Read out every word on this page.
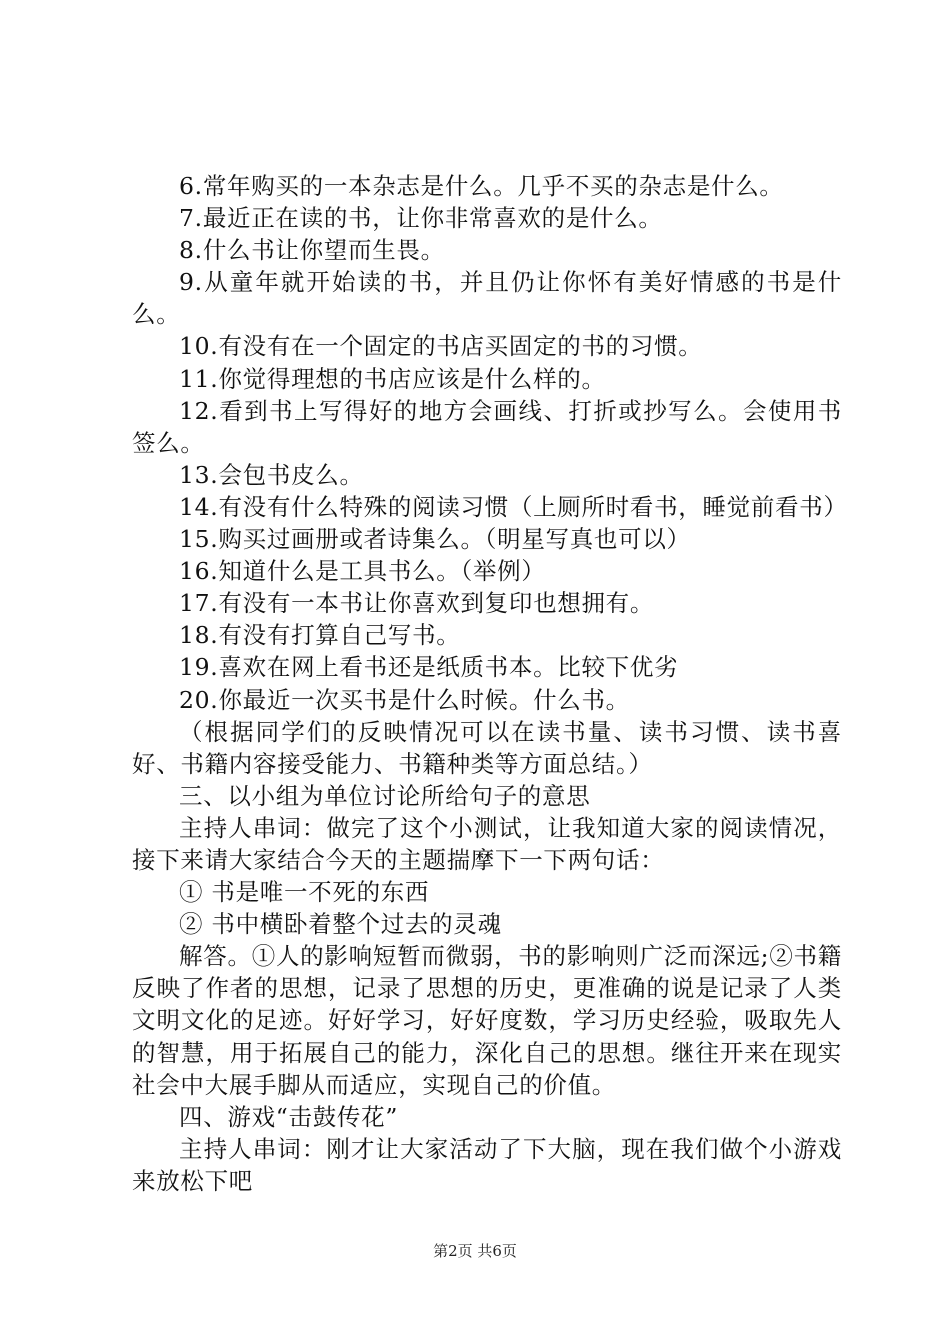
6.常年购买的一本杂志是什么。几乎不买的杂志是什么。

7.最近正在读的书，让你非常喜欢的是什么。

8.什么书让你望而生畏。

9.从童年就开始读的书，并且仍让你怀有美好情感的书是什么。

10.有没有在一个固定的书店买固定的书的习惯。

11.你觉得理想的书店应该是什么样的。

12.看到书上写得好的地方会画线、打折或抄写么。会使用书签么。

13.会包书皮么。

14.有没有什么特殊的阅读习惯（上厕所时看书，睡觉前看书）

15.购买过画册或者诗集么。（明星写真也可以）

16.知道什么是工具书么。（举例）

17.有没有一本书让你喜欢到复印也想拥有。

18.有没有打算自己写书。

19.喜欢在网上看书还是纸质书本。比较下优劣

20.你最近一次买书是什么时候。什么书。

（根据同学们的反映情况可以在读书量、读书习惯、读书喜好、书籍内容接受能力、书籍种类等方面总结。）

三、以小组为单位讨论所给句子的意思

主持人串词：做完了这个小测试，让我知道大家的阅读情况，接下来请大家结合今天的主题揣摩下一下两句话：

① 书是唯一不死的东西

② 书中横卧着整个过去的灵魂

解答。①人的影响短暂而微弱，书的影响则广泛而深远;②书籍反映了作者的思想，记录了思想的历史，更准确的说是记录了人类文明文化的足迹。好好学习，好好度数，学习历史经验，吸取先人的智慧，用于拓展自己的能力，深化自己的思想。继往开来在现实社会中大展手脚从而适应，实现自己的价值。

四、游戏“击鼓传花”

主持人串词：刚才让大家活动了下大脑，现在我们做个小游戏来放松下吧

第2页 共6页
